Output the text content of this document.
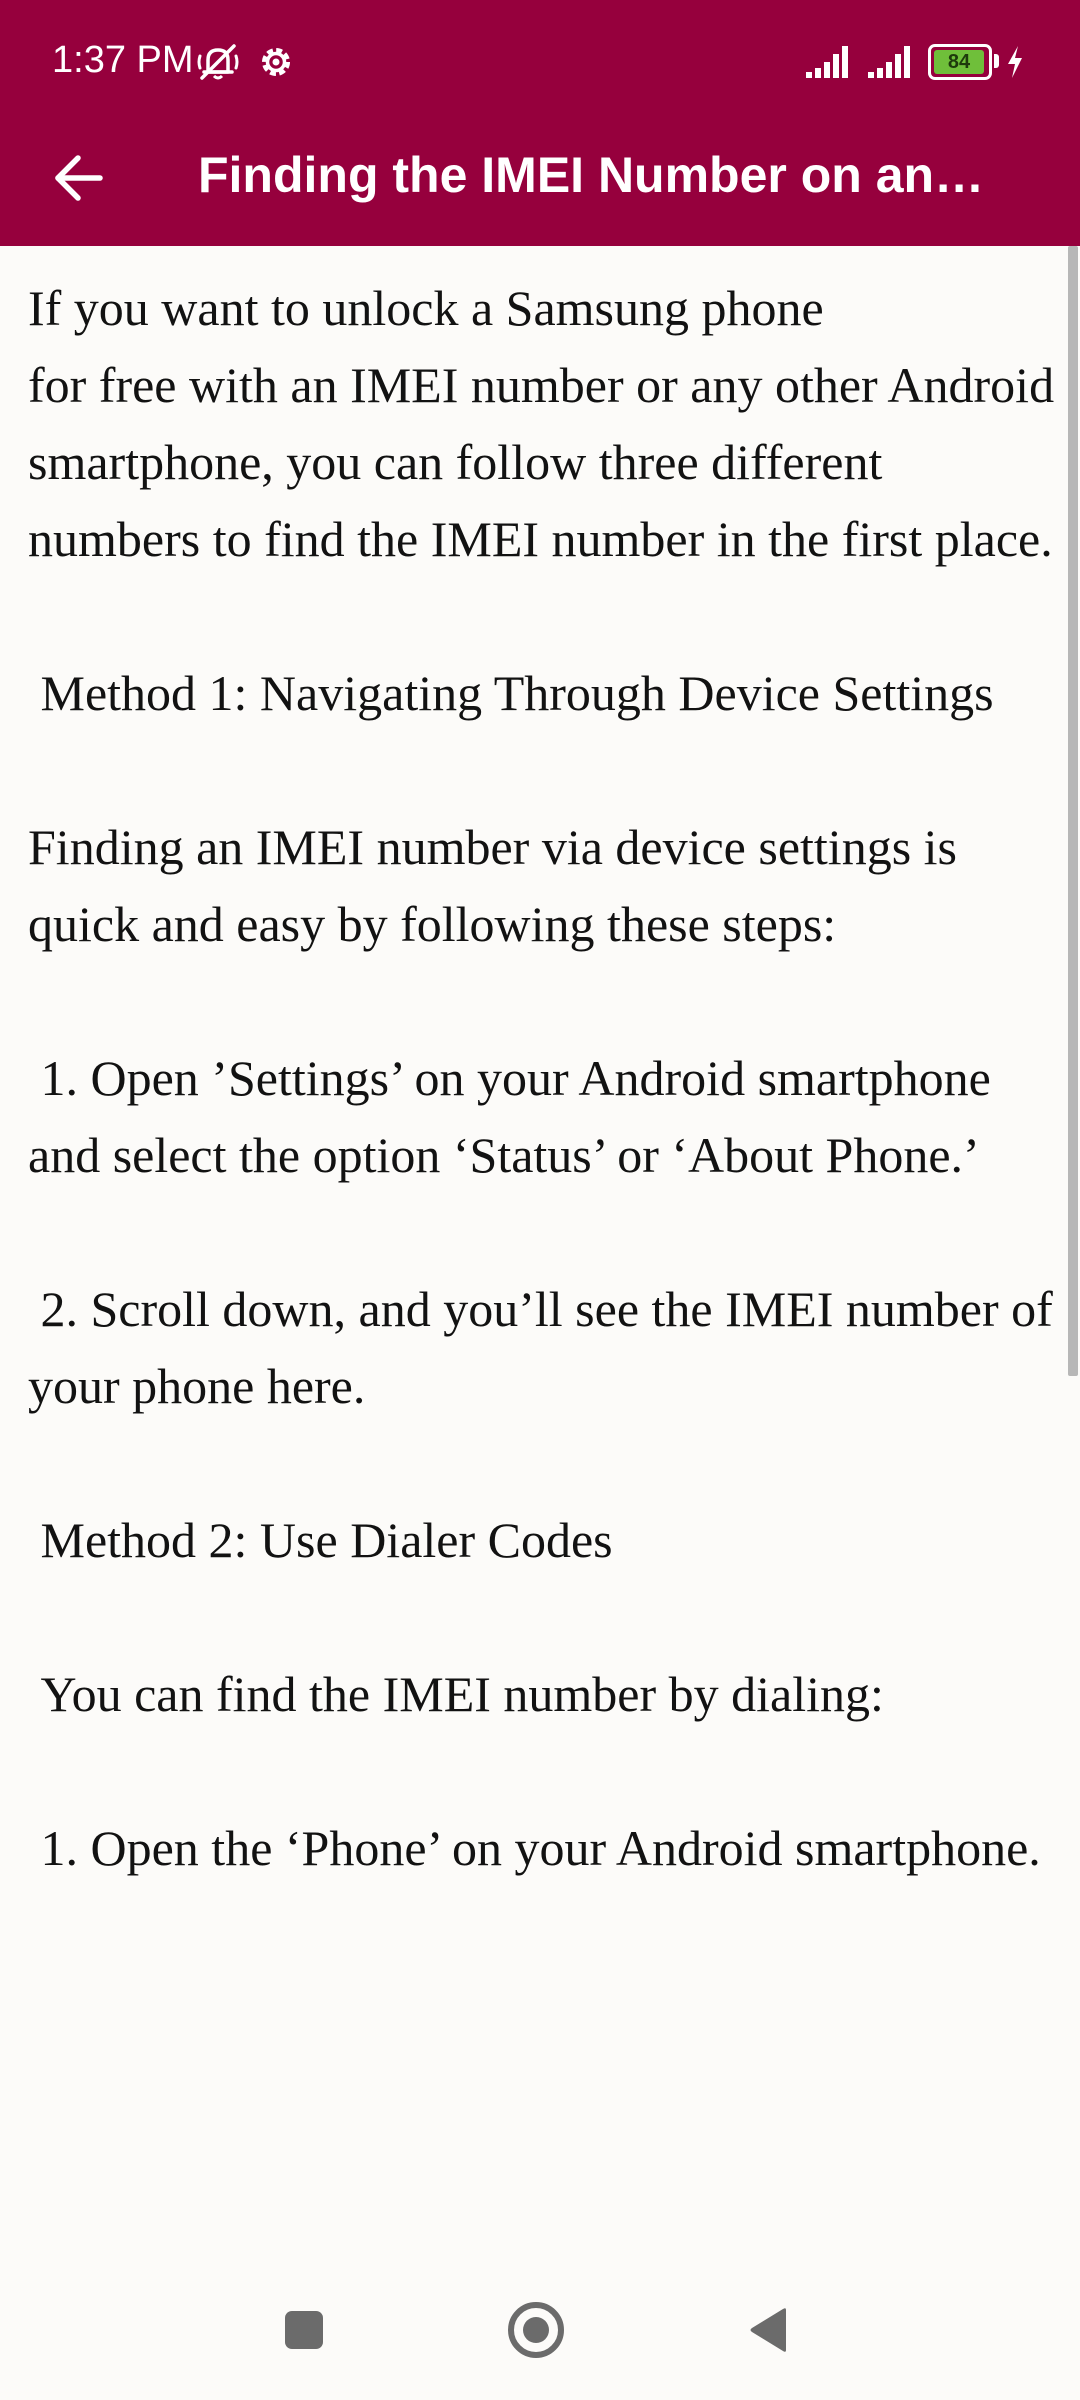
1:37 PM	84
Finding the IMEI Number on an…

If you want to unlock a Samsung phone
for free with an IMEI number or any other Android smartphone, you can follow three different numbers to find the IMEI number in the first place.

Method 1: Navigating Through Device Settings

Finding an IMEI number via device settings is quick and easy by following these steps:

1. Open ’Settings’ on your Android smartphone and select the option ‘Status’ or ‘About Phone.’

2. Scroll down, and you’ll see the IMEI number of your phone here.

Method 2: Use Dialer Codes

You can find the IMEI number by dialing:

1. Open the ‘Phone’ on your Android smartphone.
